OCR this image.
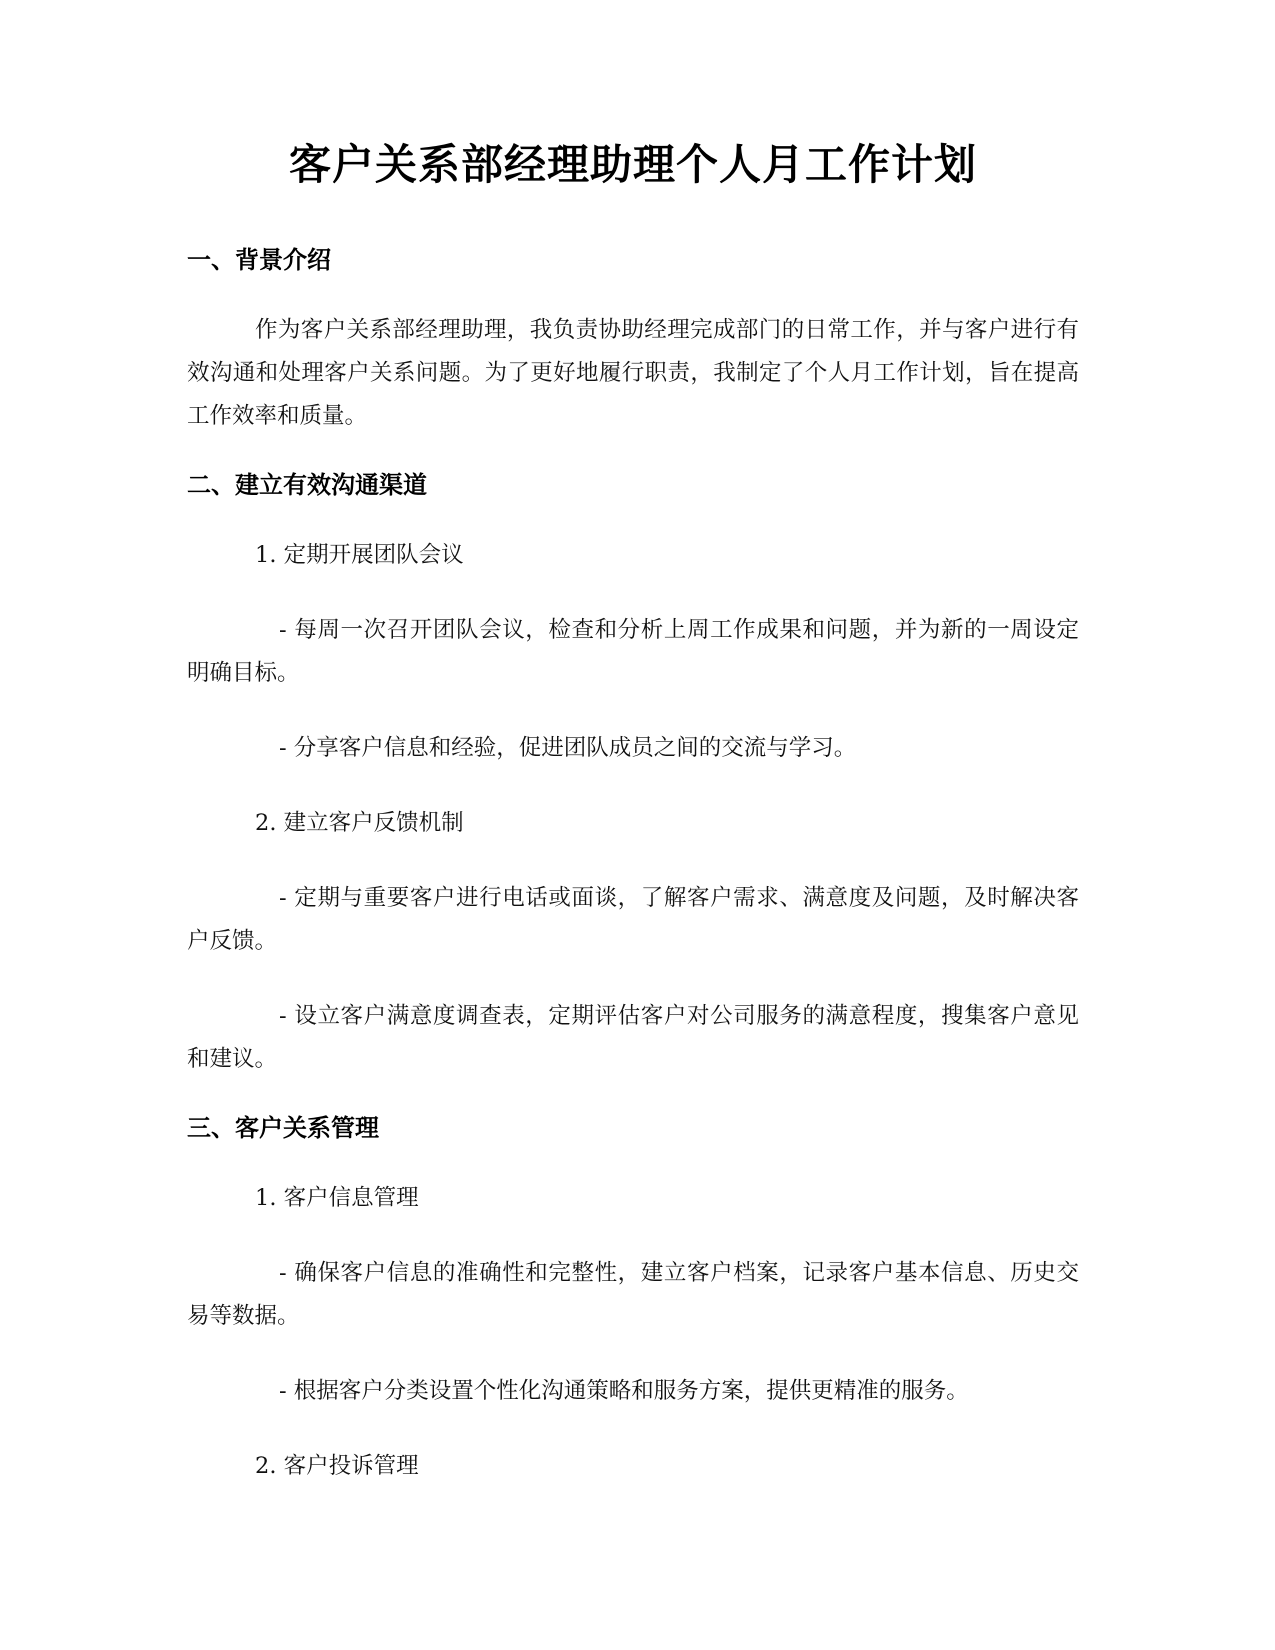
客户关系部经理助理个人月工作计划
一、背景介绍

作为客户关系部经理助理，我负责协助经理完成部门的日常工作，并与客户进行有效沟通和处理客户关系问题。为了更好地履行职责，我制定了个人月工作计划，旨在提高工作效率和质量。

二、建立有效沟通渠道

1. 定期开展团队会议

- 每周一次召开团队会议，检查和分析上周工作成果和问题，并为新的一周设定明确目标。

- 分享客户信息和经验，促进团队成员之间的交流与学习。

2. 建立客户反馈机制

- 定期与重要客户进行电话或面谈，了解客户需求、满意度及问题，及时解决客户反馈。

- 设立客户满意度调查表，定期评估客户对公司服务的满意程度，搜集客户意见和建议。

三、客户关系管理

1. 客户信息管理

- 确保客户信息的准确性和完整性，建立客户档案，记录客户基本信息、历史交易等数据。

- 根据客户分类设置个性化沟通策略和服务方案，提供更精准的服务。

2. 客户投诉管理
